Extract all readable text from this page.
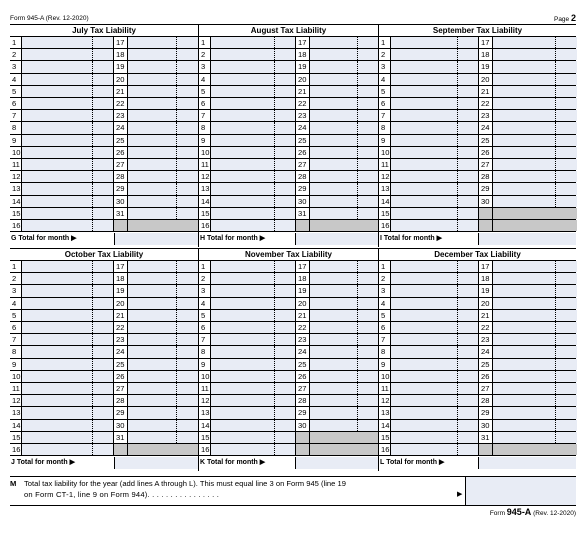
Form 945-A (Rev. 12-2020)	Page 2
July Tax Liability
1	17
2	18
3	19
4	20
5	21
6	22
7	23
8	24
9	25
10	26
11	27
12	28
13	29
14	30
15	31
16
G Total for month ▶
August Tax Liability
1	17
2	18
3	19
4	20
5	21
6	22
7	23
8	24
9	25
10	26
11	27
12	28
13	29
14	30
15	31
16
H Total for month ▶
September Tax Liability
1	17
2	18
3	19
4	20
5	21
6	22
7	23
8	24
9	25
10	26
11	27
12	28
13	29
14	30
15
16
I Total for month ▶
October Tax Liability
1	17
2	18
3	19
4	20
5	21
6	22
7	23
8	24
9	25
10	26
11	27
12	28
13	29
14	30
15	31
16
J Total for month ▶
November Tax Liability
1	17
2	18
3	19
4	20
5	21
6	22
7	23
8	24
9	25
10	26
11	27
12	28
13	29
14	30
15
16
K Total for month ▶
December Tax Liability
1	17
2	18
3	19
4	20
5	21
6	22
7	23
8	24
9	25
10	26
11	27
12	28
13	29
14	30
15	31
16
L Total for month ▶
M Total tax liability for the year (add lines A through L). This must equal line 3 on Form 945 (line 19
on Form CT-1, line 9 on Form 944). . . . . . . . . . . . . . . .	▶
Form 945-A (Rev. 12-2020)
